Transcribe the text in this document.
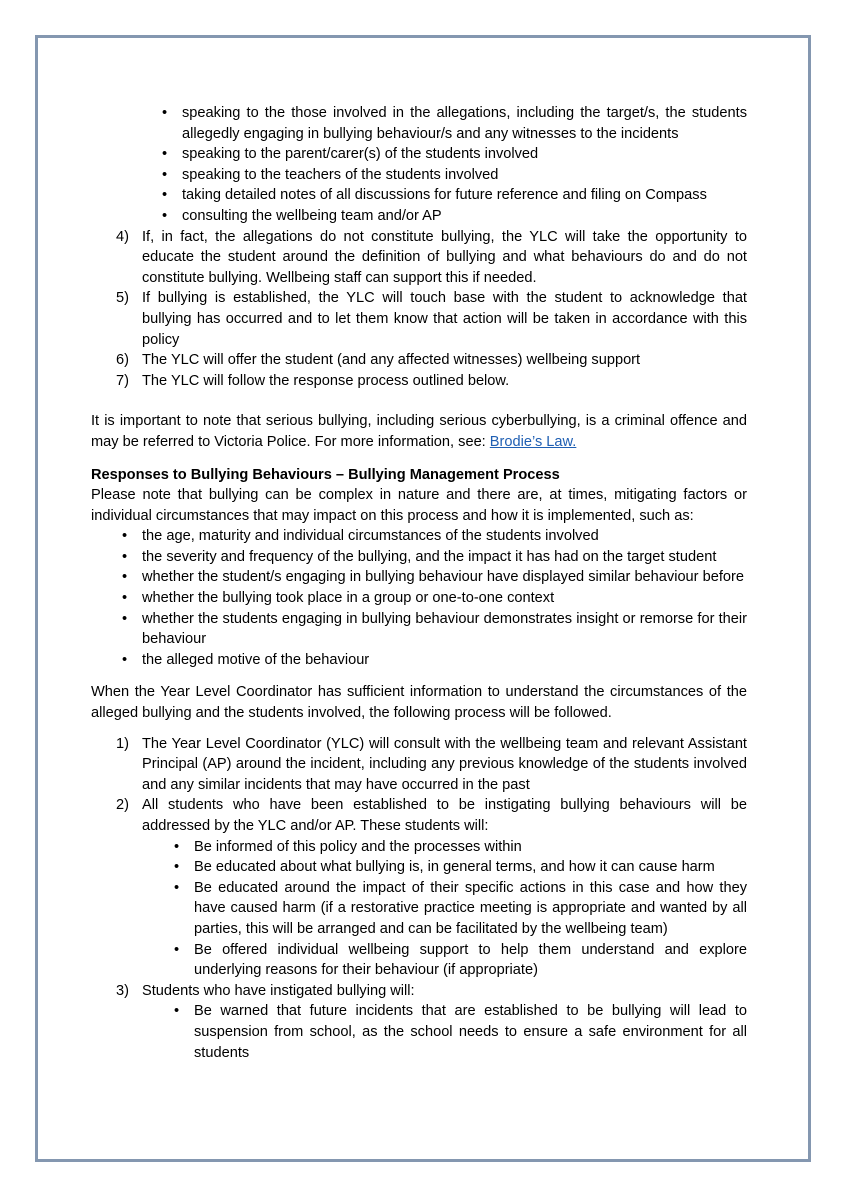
• speaking to the those involved in the allegations, including the target/s, the students allegedly engaging in bullying behaviour/s and any witnesses to the incidents
• speaking to the parent/carer(s) of the students involved
• speaking to the teachers of the students involved
• taking detailed notes of all discussions for future reference and filing on Compass
• consulting the wellbeing team and/or AP
4) If, in fact, the allegations do not constitute bullying, the YLC will take the opportunity to educate the student around the definition of bullying and what behaviours do and do not constitute bullying. Wellbeing staff can support this if needed.
5) If bullying is established, the YLC will touch base with the student to acknowledge that bullying has occurred and to let them know that action will be taken in accordance with this policy
6) The YLC will offer the student (and any affected witnesses) wellbeing support
7) The YLC will follow the response process outlined below.

It is important to note that serious bullying, including serious cyberbullying, is a criminal offence and may be referred to Victoria Police. For more information, see: Brodie’s Law.

Responses to Bullying Behaviours – Bullying Management Process

Please note that bullying can be complex in nature and there are, at times, mitigating factors or individual circumstances that may impact on this process and how it is implemented, such as:

• the age, maturity and individual circumstances of the students involved
• the severity and frequency of the bullying, and the impact it has had on the target student
• whether the student/s engaging in bullying behaviour have displayed similar behaviour before
• whether the bullying took place in a group or one-to-one context
• whether the students engaging in bullying behaviour demonstrates insight or remorse for their behaviour
• the alleged motive of the behaviour

When the Year Level Coordinator has sufficient information to understand the circumstances of the alleged bullying and the students involved, the following process will be followed.

1) The Year Level Coordinator (YLC) will consult with the wellbeing team and relevant Assistant Principal (AP) around the incident, including any previous knowledge of the students involved and any similar incidents that may have occurred in the past
2) All students who have been established to be instigating bullying behaviours will be addressed by the YLC and/or AP. These students will:
• Be informed of this policy and the processes within
• Be educated about what bullying is, in general terms, and how it can cause harm
• Be educated around the impact of their specific actions in this case and how they have caused harm (if a restorative practice meeting is appropriate and wanted by all parties, this will be arranged and can be facilitated by the wellbeing team)
• Be offered individual wellbeing support to help them understand and explore underlying reasons for their behaviour (if appropriate)
3) Students who have instigated bullying will:
• Be warned that future incidents that are established to be bullying will lead to suspension from school, as the school needs to ensure a safe environment for all students
